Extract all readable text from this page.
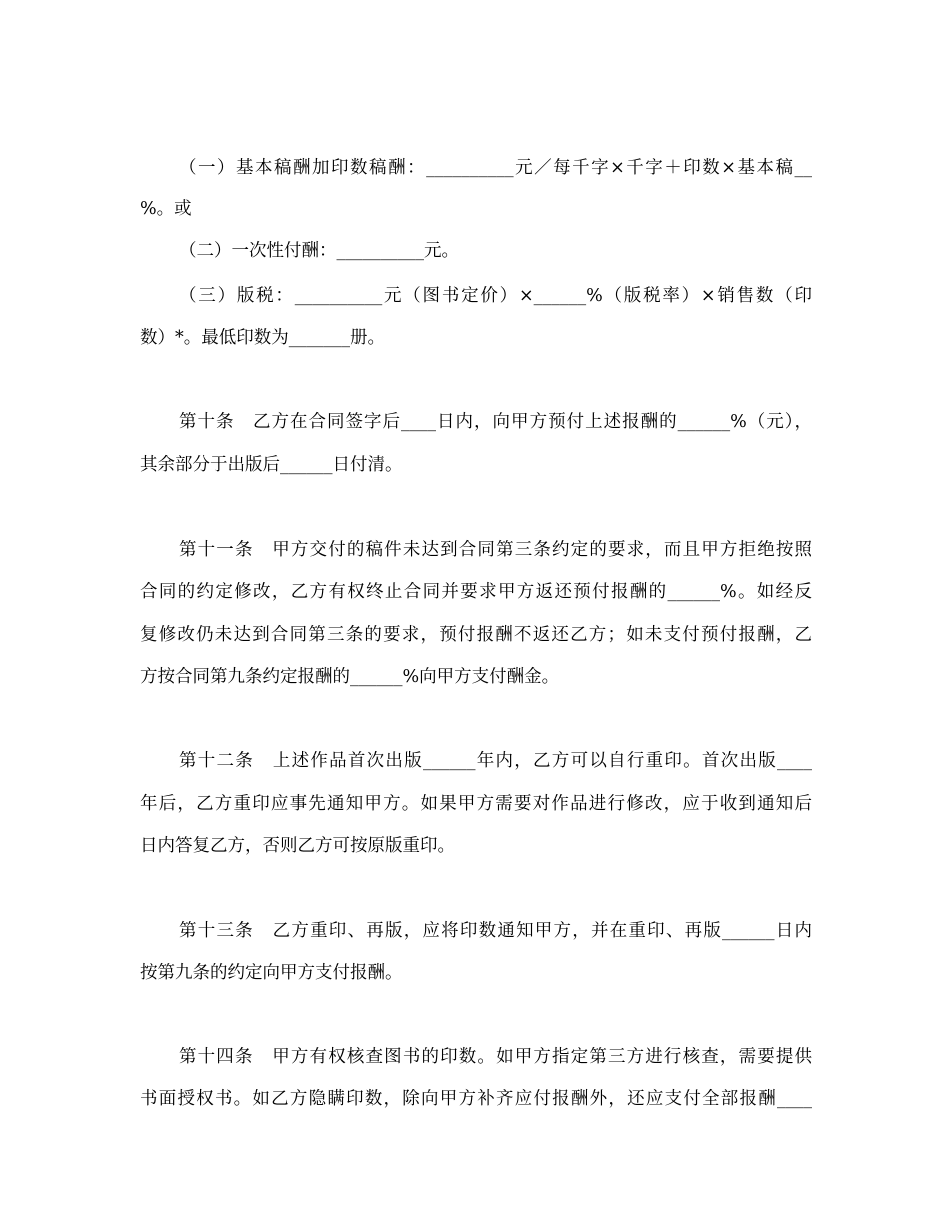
（一）基本稿酬加印数稿酬：__________元／每千字×千字＋印数×基本稿__
%。或
（二）一次性付酬：__________元。
（三）版税：__________元（图书定价）×______%（版税率）×销售数（印
数）*。最低印数为_______册。
第十条　乙方在合同签字后____日内，向甲方预付上述报酬的______%（元），
其余部分于出版后______日付清。
第十一条　甲方交付的稿件未达到合同第三条约定的要求，而且甲方拒绝按照
合同的约定修改，乙方有权终止合同并要求甲方返还预付报酬的______%。如经反
复修改仍未达到合同第三条的要求，预付报酬不返还乙方；如未支付预付报酬，乙
方按合同第九条约定报酬的______%向甲方支付酬金。
第十二条　上述作品首次出版______年内，乙方可以自行重印。首次出版____
年后，乙方重印应事先通知甲方。如果甲方需要对作品进行修改，应于收到通知后
日内答复乙方，否则乙方可按原版重印。
第十三条　乙方重印、再版，应将印数通知甲方，并在重印、再版______日内
按第九条的约定向甲方支付报酬。
第十四条　甲方有权核查图书的印数。如甲方指定第三方进行核查，需要提供
书面授权书。如乙方隐瞒印数，除向甲方补齐应付报酬外，还应支付全部报酬____
